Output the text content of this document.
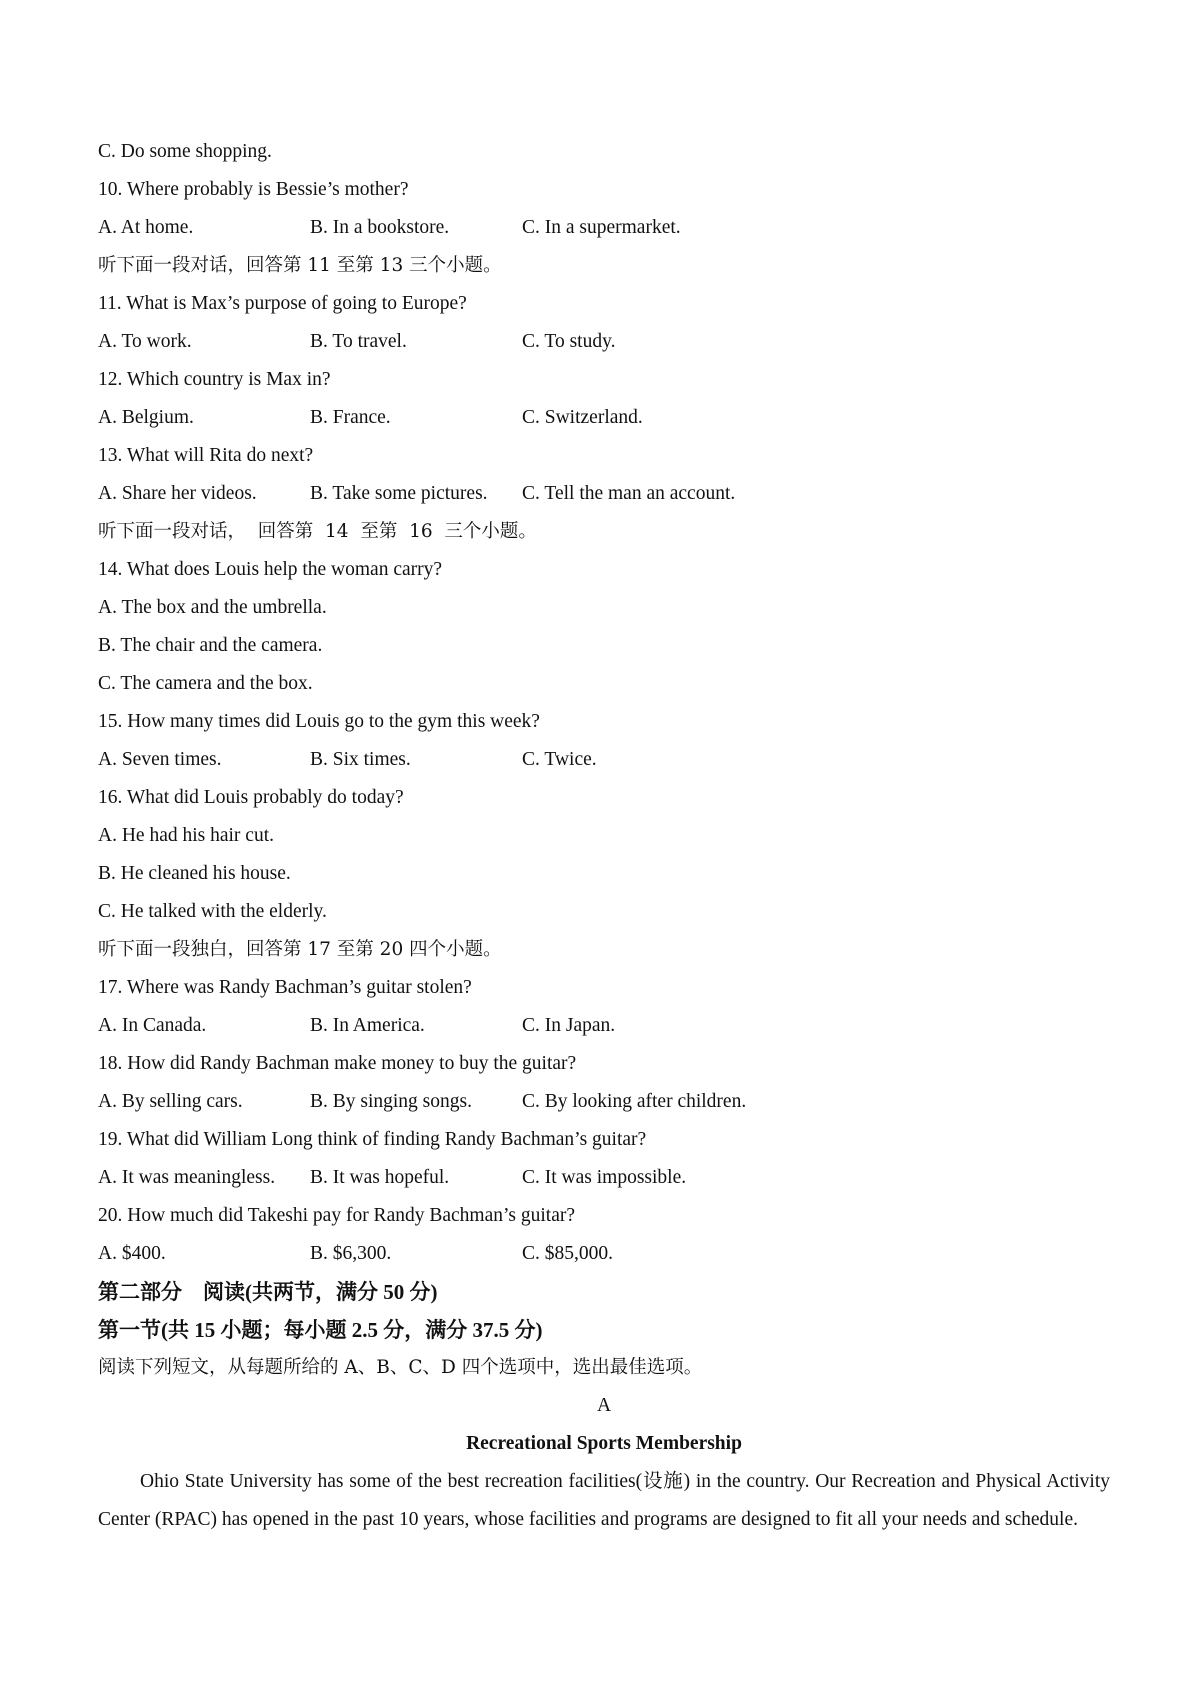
C. Do some shopping.
10. Where probably is Bessie’s mother?
A. At home.	B. In a bookstore.	C. In a supermarket.
听下面一段对话，回答第 11 至第 13 三个小题。
11. What is Max’s purpose of going to Europe?
A. To work.	B. To travel.	C. To study.
12. Which country is Max in?
A. Belgium.	B. France.	C. Switzerland.
13. What will Rita do next?
A. Share her videos.	B. Take some pictures.	C. Tell the man an account.
听下面一段对话，  回答第  14  至第  16  三个小题。
14. What does Louis help the woman carry?
A. The box and the umbrella.
B. The chair and the camera.
C. The camera and the box.
15. How many times did Louis go to the gym this week?
A. Seven times.	B. Six times.	C. Twice.
16. What did Louis probably do today?
A. He had his hair cut.
B. He cleaned his house.
C. He talked with the elderly.
听下面一段独白，回答第 17 至第 20 四个小题。
17. Where was Randy Bachman’s guitar stolen?
A. In Canada.	B. In America.	C. In Japan.
18. How did Randy Bachman make money to buy the guitar?
A. By selling cars.	B. By singing songs.	C. By looking after children.
19. What did William Long think of finding Randy Bachman’s guitar?
A. It was meaningless.	B. It was hopeful.	C. It was impossible.
20. How much did Takeshi pay for Randy Bachman’s guitar?
A. $400.	B. $6,300.	C. $85,000.
第二部分　阅读(共两节，满分 50 分)
第一节(共 15 小题；每小题 2.5 分，满分 37.5 分)
阅读下列短文，从每题所给的 A、B、C、D 四个选项中，选出最佳选项。
A
Recreational Sports Membership

Ohio State University has some of the best recreation facilities(设施) in the country. Our Recreation and Physical Activity Center (RPAC) has opened in the past 10 years, whose facilities and programs are designed to fit all your needs and schedule.
